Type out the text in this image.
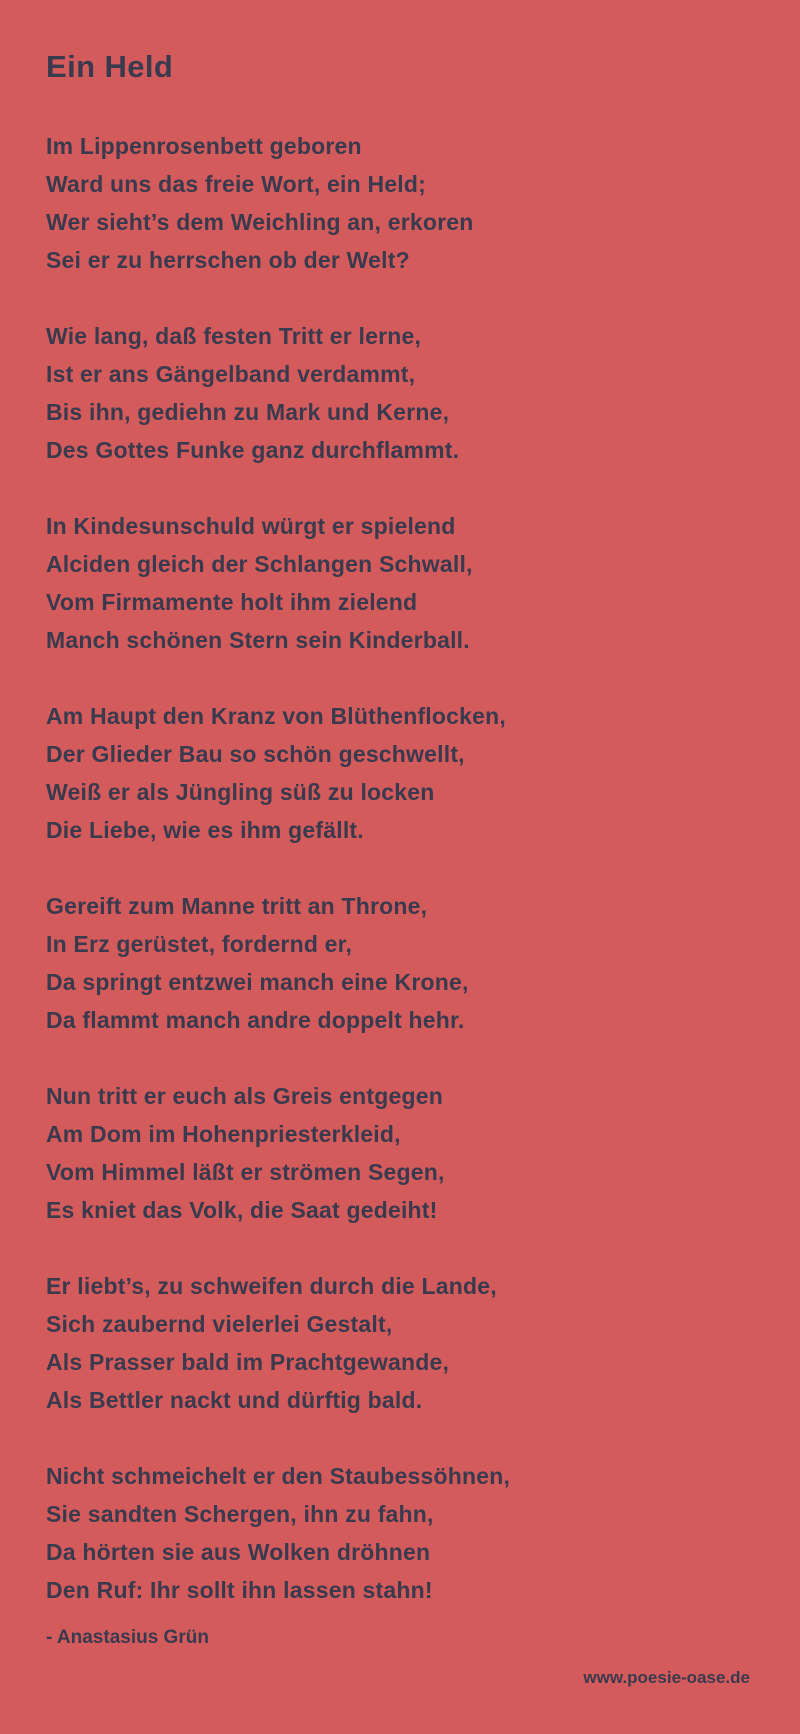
Ein Held

Im Lippenrosenbett geboren
Ward uns das freie Wort, ein Held;
Wer sieht’s dem Weichling an, erkoren
Sei er zu herrschen ob der Welt?

Wie lang, daß festen Tritt er lerne,
Ist er ans Gängelband verdammt,
Bis ihn, gediehn zu Mark und Kerne,
Des Gottes Funke ganz durchflammt.

In Kindesunschuld würgt er spielend
Alciden gleich der Schlangen Schwall,
Vom Firmamente holt ihm zielend
Manch schönen Stern sein Kinderball.

Am Haupt den Kranz von Blüthenflocken,
Der Glieder Bau so schön geschwellt,
Weiß er als Jüngling süß zu locken
Die Liebe, wie es ihm gefällt.

Gereift zum Manne tritt an Throne,
In Erz gerüstet, fordernd er,
Da springt entzwei manch eine Krone,
Da flammt manch andre doppelt hehr.

Nun tritt er euch als Greis entgegen
Am Dom im Hohenpriesterkleid,
Vom Himmel läßt er strömen Segen,
Es kniet das Volk, die Saat gedeiht!

Er liebt’s, zu schweifen durch die Lande,
Sich zaubernd vielerlei Gestalt,
Als Prasser bald im Prachtgewande,
Als Bettler nackt und dürftig bald.

Nicht schmeichelt er den Staubessöhnen,
Sie sandten Schergen, ihn zu fahn,
Da hörten sie aus Wolken dröhnen
Den Ruf: Ihr sollt ihn lassen stahn!

- Anastasius Grün
www.poesie-oase.de
